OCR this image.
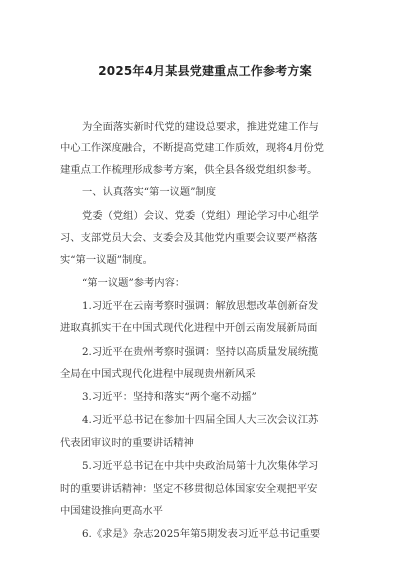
2025年4月某县党建重点工作参考方案
为全面落实新时代党的建设总要求，推进党建工作与
中心工作深度融合，不断提高党建工作质效，现将4月份党
建重点工作梳理形成参考方案，供全县各级党组织参考。
一、认真落实“第一议题”制度
党委（党组）会议、党委（党组）理论学习中心组学
习、支部党员大会、支委会及其他党内重要会议要严格落
实“第一议题”制度。
“第一议题”参考内容：
1.习近平在云南考察时强调：解放思想改革创新奋发
进取真抓实干在中国式现代化进程中开创云南发展新局面
2.习近平在贵州考察时强调：坚持以高质量发展统揽
全局在中国式现代化进程中展现贵州新风采
3.习近平：坚持和落实“两个毫不动摇”
4.习近平总书记在参加十四届全国人大三次会议江苏
代表团审议时的重要讲话精神
5.习近平总书记在中共中央政治局第十九次集体学习
时的重要讲话精神：坚定不移贯彻总体国家安全观把平安
中国建设推向更高水平
6.《求是》杂志2025年第5期发表习近平总书记重要
